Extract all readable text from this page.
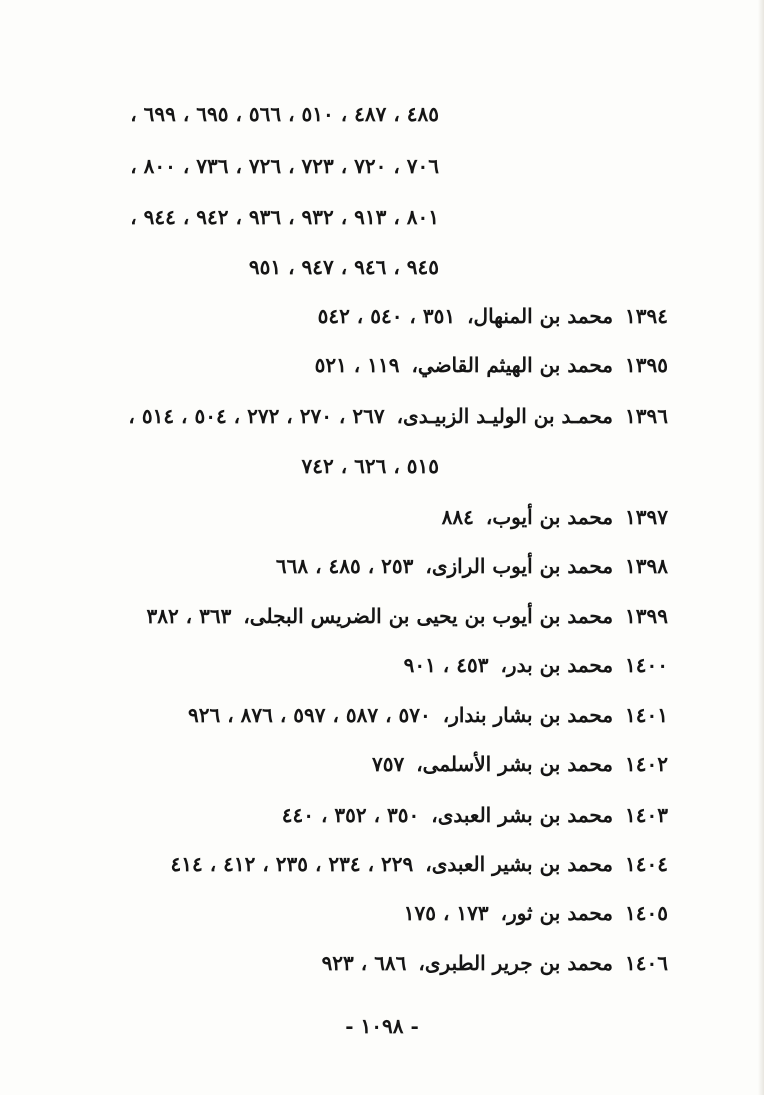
٤٨٥ ، ٤٨٧ ، ٥١٠ ، ٥٦٦ ، ٦٩٥ ، ٦٩٩ ،
٧٠٦ ، ٧٢٠ ، ٧٢٣ ، ٧٢٦ ، ٧٣٦ ، ٨٠٠ ،
٨٠١ ، ٩١٣ ، ٩٣٢ ، ٩٣٦ ، ٩٤٢ ، ٩٤٤ ،
٩٤٥ ، ٩٤٦ ، ٩٤٧ ، ٩٥١
١٣٩٤
محمد بن المنهال،
٣٥١ ، ٥٤٠ ، ٥٤٢
١٣٩٥
محمد بن الهيثم القاضي،
١١٩ ، ٥٢١
١٣٩٦
محمـد بن الوليـد الزبيـدى،
٢٦٧ ، ٢٧٠ ، ٢٧٢ ، ٥٠٤ ، ٥١٤ ،
٥١٥ ، ٦٢٦ ، ٧٤٢
١٣٩٧
محمد بن أيوب،
٨٨٤
١٣٩٨
محمد بن أيوب الرازى،
٢٥٣ ، ٤٨٥ ، ٦٦٨
١٣٩٩
محمد بن أيوب بن يحيى بن الضريس البجلى،
٣٦٣ ، ٣٨٢
١٤٠٠
محمد بن بدر،
٤٥٣ ، ٩٠١
١٤٠١
محمد بن بشار بندار،
٥٧٠ ، ٥٨٧ ، ٥٩٧ ، ٨٧٦ ، ٩٢٦
١٤٠٢
محمد بن بشر الأسلمى،
٧٥٧
١٤٠٣
محمد بن بشر العبدى،
٣٥٠ ، ٣٥٢ ، ٤٤٠
١٤٠٤
محمد بن بشير العبدى،
٢٢٩ ، ٢٣٤ ، ٢٣٥ ، ٤١٢ ، ٤١٤
١٤٠٥
محمد بن ثور،
١٧٣ ، ١٧٥
١٤٠٦
محمد بن جرير الطبرى،
٦٨٦ ، ٩٢٣
- ١٠٩٨ -
